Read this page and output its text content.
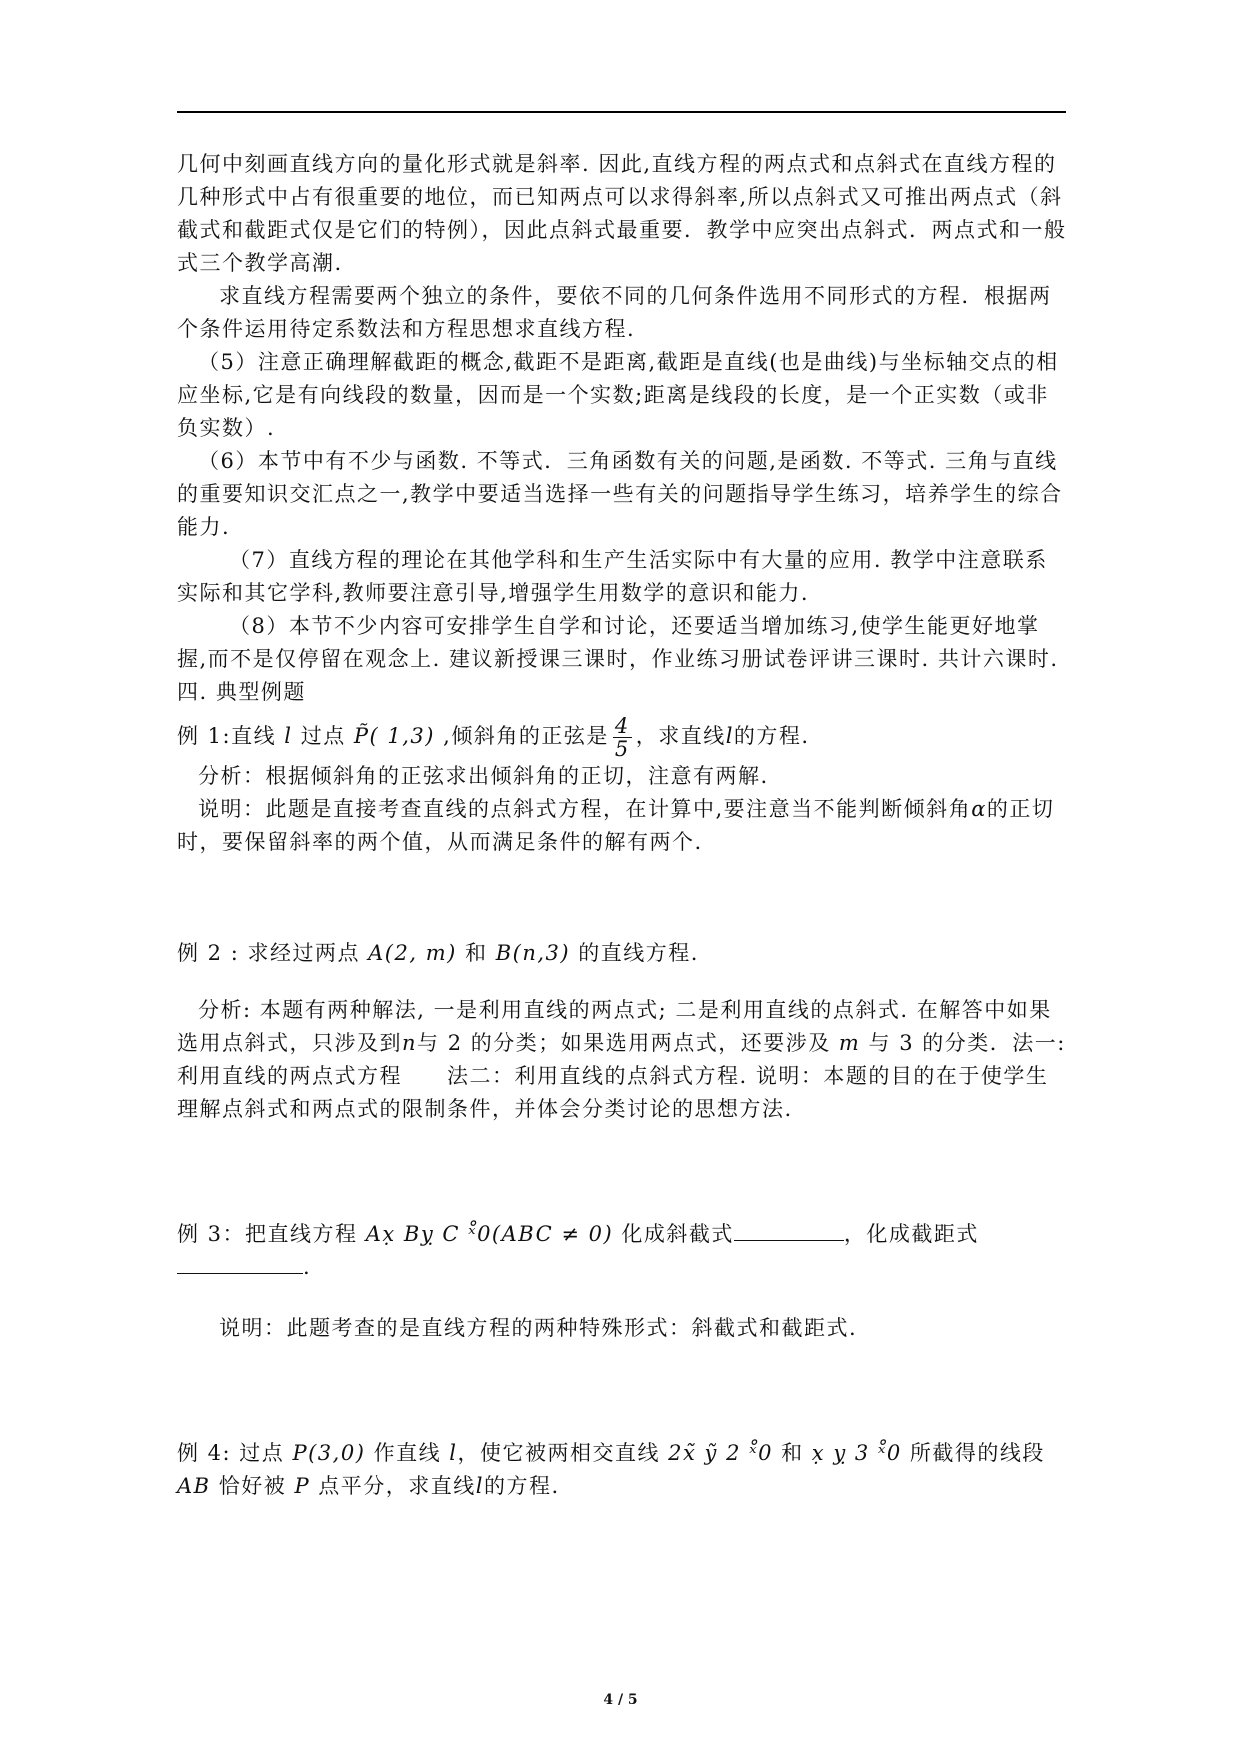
几何中刻画直线方向的量化形式就是斜率. 因此,直线方程的两点式和点斜式在直线方程的几种形式中占有很重要的地位，而已知两点可以求得斜率,所以点斜式又可推出两点式（斜截式和截距式仅是它们的特例），因此点斜式最重要．教学中应突出点斜式．两点式和一般式三个教学高潮.

求直线方程需要两个独立的条件，要依不同的几何条件选用不同形式的方程．根据两个条件运用待定系数法和方程思想求直线方程.

（5）注意正确理解截距的概念,截距不是距离,截距是直线(也是曲线)与坐标轴交点的相应坐标,它是有向线段的数量，因而是一个实数;距离是线段的长度，是一个正实数（或非负实数）.

（6）本节中有不少与函数. 不等式．三角函数有关的问题,是函数. 不等式. 三角与直线的重要知识交汇点之一,教学中要适当选择一些有关的问题指导学生练习，培养学生的综合能力.

（7）直线方程的理论在其他学科和生产生活实际中有大量的应用. 教学中注意联系实际和其它学科,教师要注意引导,增强学生用数学的意识和能力.

（8）本节不少内容可安排学生自学和讨论，还要适当增加练习,使学生能更好地掌握,而不是仅停留在观念上. 建议新授课三课时，作业练习册试卷评讲三课时. 共计六课时.

四. 典型例题

例 1:直线 l 过点 P̃( 1,3) ,倾斜角的正弦是 $\frac{4}{5}$ ，求直线l的方程.

分析：根据倾斜角的正弦求出倾斜角的正切，注意有两解.

说明：此题是直接考查直线的点斜式方程，在计算中,要注意当不能判断倾斜角α的正切时，要保留斜率的两个值，从而满足条件的解有两个.

例 2 : 求经过两点 A(2, m) 和 B(n,3) 的直线方程.

分析: 本题有两种解法, 一是利用直线的两点式; 二是利用直线的点斜式. 在解答中如果选用点斜式，只涉及到n与 2 的分类；如果选用两点式，还要涉及 m 与 3 的分类．法一: 利用直线的两点式方程　　法二：利用直线的点斜式方程. 说明：本题的目的在于使学生理解点斜式和两点式的限制条件，并体会分类讨论的思想方法.

例 3：把直线方程 Ax̣ Bỵ C ˣ̊0(ABC ≠ 0) 化成斜截式	，化成截距式.

说明：此题考查的是直线方程的两种特殊形式：斜截式和截距式.

例 4: 过点 P(3,0) 作直线 l，使它被两相交直线 2x̃ ỹ 2 ˣ̊0 和 x̣ ỵ 3 ˣ̊0 所截得的线段 AB 恰好被 P 点平分，求直线l的方程.

4 / 5
